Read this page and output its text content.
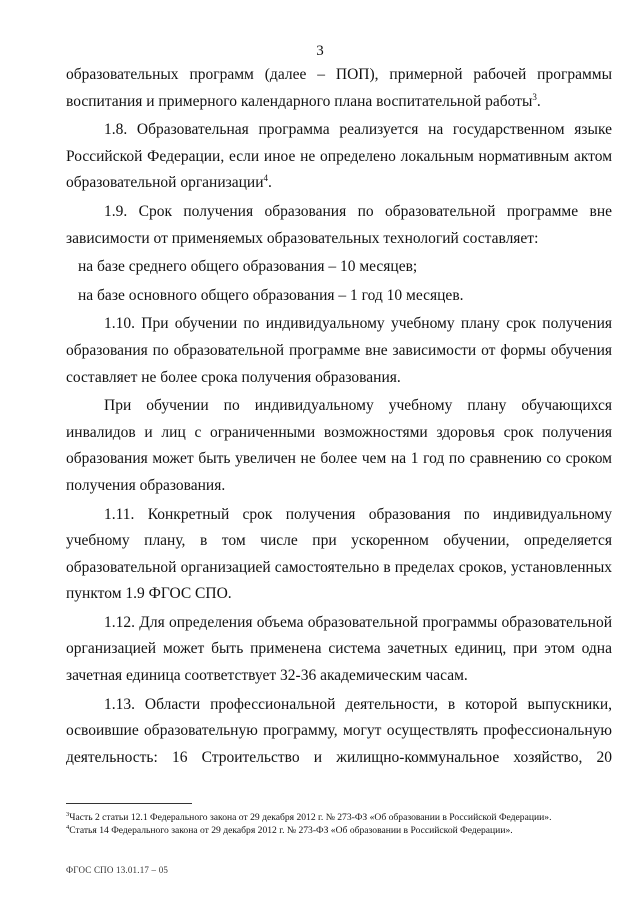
3

образовательных программ (далее – ПОП), примерной рабочей программы воспитания и примерного календарного плана воспитательной работы$^3$.

1.8. Образовательная программа реализуется на государственном языке Российской Федерации, если иное не определено локальным нормативным актом образовательной организации$^4$.

1.9. Срок получения образования по образовательной программе вне зависимости от применяемых образовательных технологий составляет:

на базе среднего общего образования – 10 месяцев;

на базе основного общего образования – 1 год 10 месяцев.

1.10. При обучении по индивидуальному учебному плану срок получения образования по образовательной программе вне зависимости от формы обучения составляет не более срока получения образования.

При обучении по индивидуальному учебному плану обучающихся инвалидов и лиц с ограниченными возможностями здоровья срок получения образования может быть увеличен не более чем на 1 год по сравнению со сроком получения образования.

1.11. Конкретный срок получения образования по индивидуальному учебному плану, в том числе при ускоренном обучении, определяется образовательной организацией самостоятельно в пределах сроков, установленных пунктом 1.9 ФГОС СПО.

1.12. Для определения объема образовательной программы образовательной организацией может быть применена система зачетных единиц, при этом одна зачетная единица соответствует 32-36 академическим часам.

1.13. Области профессиональной деятельности, в которой выпускники, освоившие образовательную программу, могут осуществлять профессиональную деятельность: 16 Строительство и жилищно-коммунальное хозяйство, 20

$^3$Часть 2 статьи 12.1 Федерального закона от 29 декабря 2012 г. № 273-ФЗ «Об образовании в Российской Федерации».
$^4$Статья 14 Федерального закона от 29 декабря 2012 г. № 273-ФЗ «Об образовании в Российской Федерации».
ФГОС СПО 13.01.17 – 05
